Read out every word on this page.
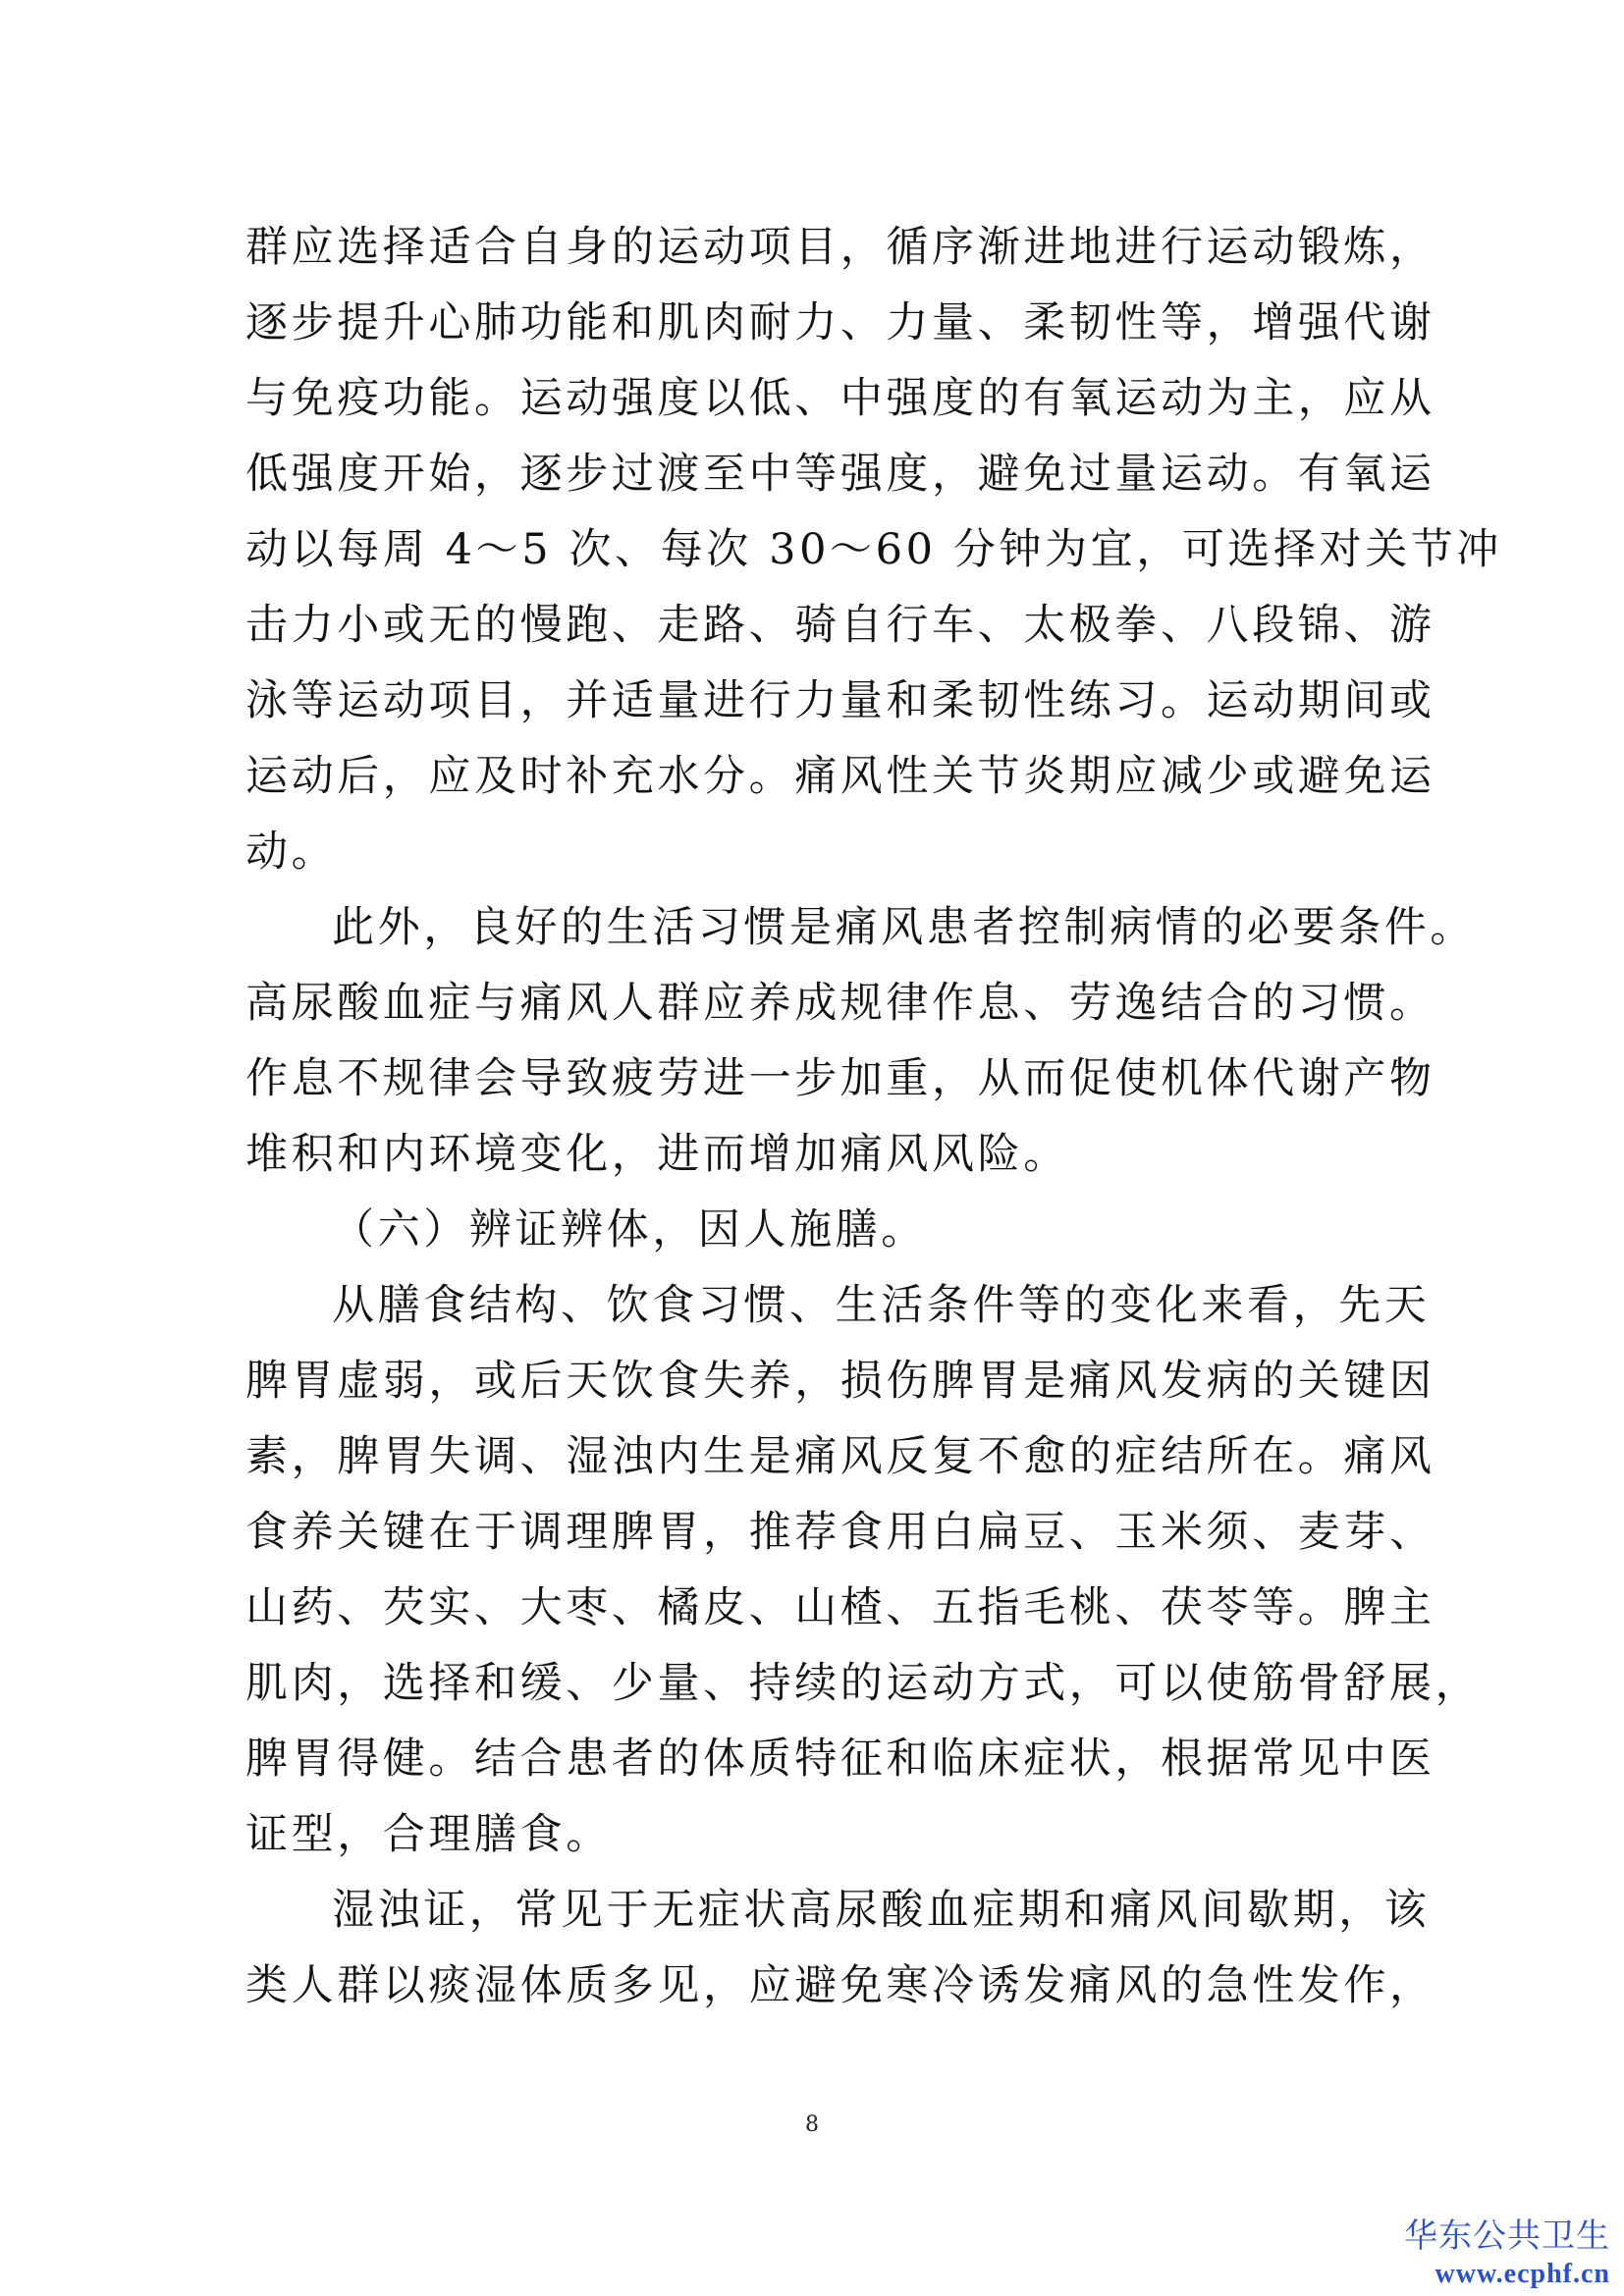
群应选择适合自身的运动项目，循序渐进地进行运动锻炼，
逐步提升心肺功能和肌肉耐力、力量、柔韧性等，增强代谢
与免疫功能。运动强度以低、中强度的有氧运动为主，应从
低强度开始，逐步过渡至中等强度，避免过量运动。有氧运
动以每周 4～5 次、每次 30～60 分钟为宜，可选择对关节冲
击力小或无的慢跑、走路、骑自行车、太极拳、八段锦、游
泳等运动项目，并适量进行力量和柔韧性练习。运动期间或
运动后，应及时补充水分。痛风性关节炎期应减少或避免运
动。
此外，良好的生活习惯是痛风患者控制病情的必要条件。
高尿酸血症与痛风人群应养成规律作息、劳逸结合的习惯。
作息不规律会导致疲劳进一步加重，从而促使机体代谢产物
堆积和内环境变化，进而增加痛风风险。
（六）辨证辨体，因人施膳。
从膳食结构、饮食习惯、生活条件等的变化来看，先天
脾胃虚弱，或后天饮食失养，损伤脾胃是痛风发病的关键因
素，脾胃失调、湿浊内生是痛风反复不愈的症结所在。痛风
食养关键在于调理脾胃，推荐食用白扁豆、玉米须、麦芽、
山药、芡实、大枣、橘皮、山楂、五指毛桃、茯苓等。脾主
肌肉，选择和缓、少量、持续的运动方式，可以使筋骨舒展，
脾胃得健。结合患者的体质特征和临床症状，根据常见中医
证型，合理膳食。
湿浊证，常见于无症状高尿酸血症期和痛风间歇期，该
类人群以痰湿体质多见，应避免寒冷诱发痛风的急性发作，
8
华东公共卫生
www.ecphf.cn
